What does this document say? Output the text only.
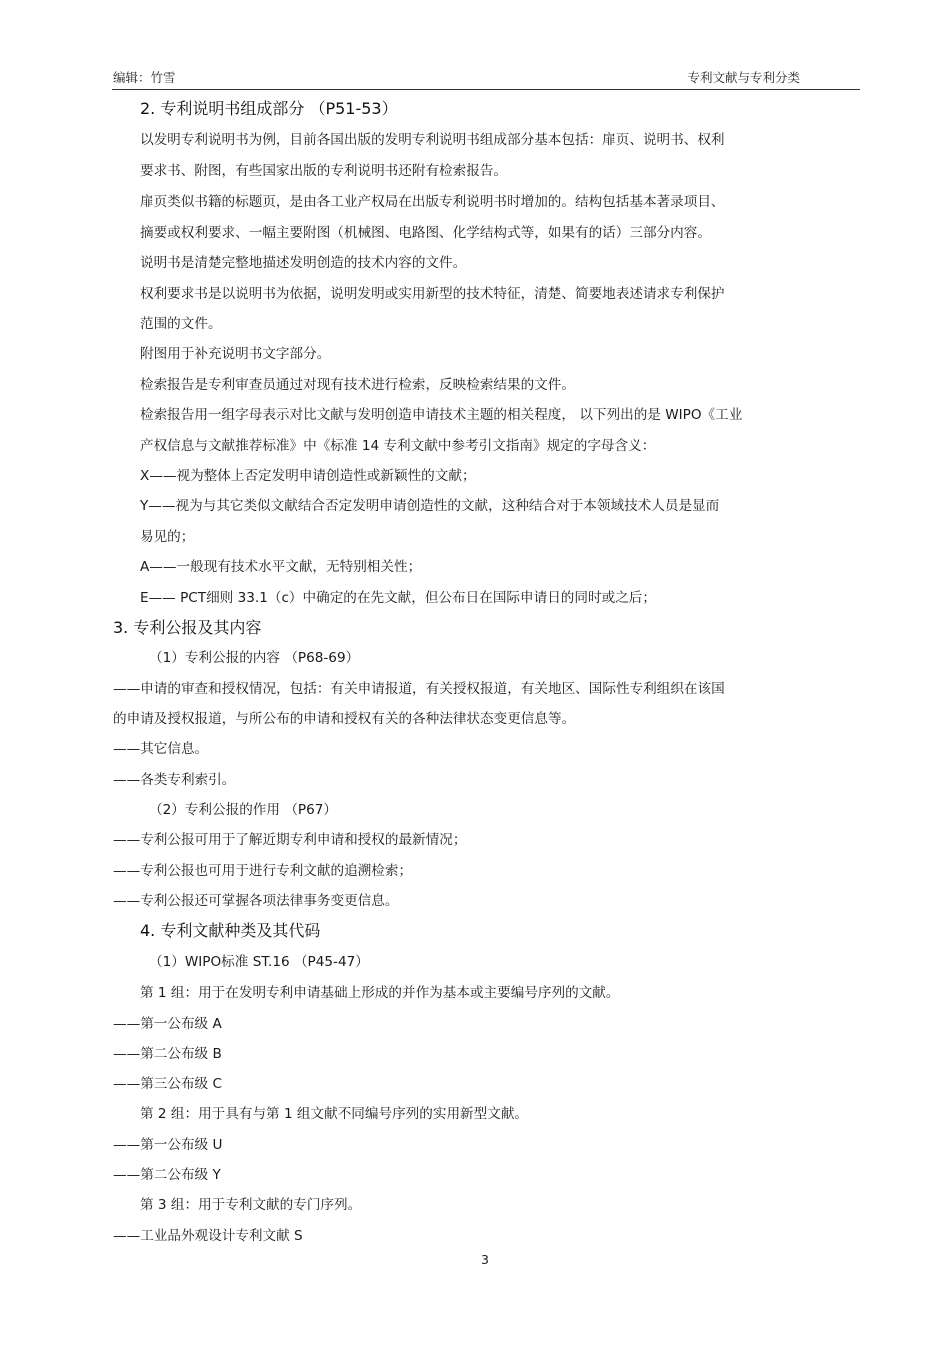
编辑：竹雪	专利文献与专利分类
2. 专利说明书组成部分 （P51-53）
以发明专利说明书为例，目前各国出版的发明专利说明书组成部分基本包括：扉页、说明书、权利
要求书、附图，有些国家出版的专利说明书还附有检索报告。
扉页类似书籍的标题页，是由各工业产权局在出版专利说明书时增加的。结构包括基本著录项目、
摘要或权利要求、一幅主要附图（机械图、电路图、化学结构式等，如果有的话）三部分内容。
说明书是清楚完整地描述发明创造的技术内容的文件。
权利要求书是以说明书为依据，说明发明或实用新型的技术特征，清楚、简要地表述请求专利保护
范围的文件。
附图用于补充说明书文字部分。
检索报告是专利审查员通过对现有技术进行检索，反映检索结果的文件。
检索报告用一组字母表示对比文献与发明创造申请技术主题的相关程度， 以下列出的是 WIPO《工业
产权信息与文献推荐标准》中《标准 14 专利文献中参考引文指南》规定的字母含义：
X——视为整体上否定发明申请创造性或新颖性的文献；
Y——视为与其它类似文献结合否定发明申请创造性的文献，这种结合对于本领域技术人员是显而
易见的；
A——一般现有技术水平文献，无特别相关性；
E—— PCT细则 33.1（c）中确定的在先文献，但公布日在国际申请日的同时或之后；
3. 专利公报及其内容
（1）专利公报的内容 （P68-69）
——申请的审查和授权情况，包括：有关申请报道，有关授权报道，有关地区、国际性专利组织在该国
的申请及授权报道，与所公布的申请和授权有关的各种法律状态变更信息等。
——其它信息。
——各类专利索引。
（2）专利公报的作用 （P67）
——专利公报可用于了解近期专利申请和授权的最新情况；
——专利公报也可用于进行专利文献的追溯检索；
——专利公报还可掌握各项法律事务变更信息。
4. 专利文献种类及其代码
（1）WIPO标准 ST.16 （P45-47）
第 1 组：用于在发明专利申请基础上形成的并作为基本或主要编号序列的文献。
——第一公布级 A
——第二公布级 B
——第三公布级 C
第 2 组：用于具有与第 1 组文献不同编号序列的实用新型文献。
——第一公布级 U
——第二公布级 Y
第 3 组：用于专利文献的专门序列。
——工业品外观设计专利文献 S
3
